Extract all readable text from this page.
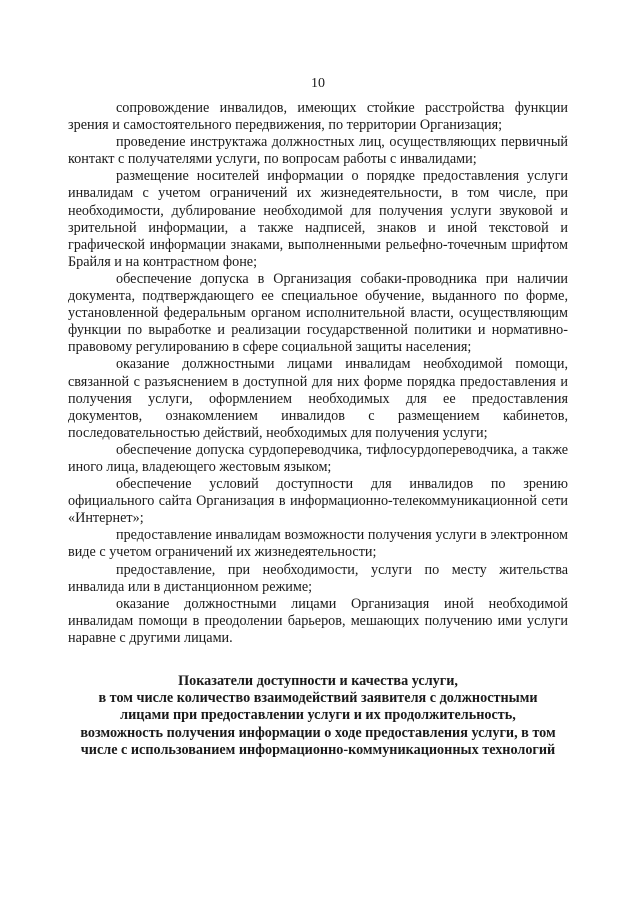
10

сопровождение инвалидов, имеющих стойкие расстройства функции зрения и самостоятельного передвижения, по территории Организация;

проведение инструктажа должностных лиц, осуществляющих первичный контакт с получателями услуги, по вопросам работы с инвалидами;

размещение носителей информации о порядке предоставления услуги инвалидам с учетом ограничений их жизнедеятельности, в том числе, при необходимости, дублирование необходимой для получения услуги звуковой и зрительной информации, а также надписей, знаков и иной текстовой и графической информации знаками, выполненными рельефно-точечным шрифтом Брайля и на контрастном фоне;

обеспечение допуска в Организация собаки-проводника при наличии документа, подтверждающего ее специальное обучение, выданного по форме, установленной федеральным органом исполнительной власти, осуществляющим функции по выработке и реализации государственной политики и нормативно-правовому регулированию в сфере социальной защиты населения;

оказание должностными лицами инвалидам необходимой помощи, связанной с разъяснением в доступной для них форме порядка предоставления и получения услуги, оформлением необходимых для ее предоставления документов, ознакомлением инвалидов с размещением кабинетов, последовательностью действий, необходимых для получения услуги;

обеспечение допуска сурдопереводчика, тифлосурдопереводчика, а также иного лица, владеющего жестовым языком;

обеспечение условий доступности для инвалидов по зрению официального сайта Организация в информационно-телекоммуникационной сети «Интернет»;

предоставление инвалидам возможности получения услуги в электронном виде с учетом ограничений их жизнедеятельности;

предоставление, при необходимости, услуги по месту жительства инвалида или в дистанционном режиме;

оказание должностными лицами Организация иной необходимой инвалидам помощи в преодолении барьеров, мешающих получению ими услуги наравне с другими лицами.

Показатели доступности и качества услуги,
в том числе количество взаимодействий заявителя с должностными лицами при предоставлении услуги и их продолжительность,
возможность получения информации о ходе предоставления услуги, в том числе с использованием информационно-коммуникационных технологий
